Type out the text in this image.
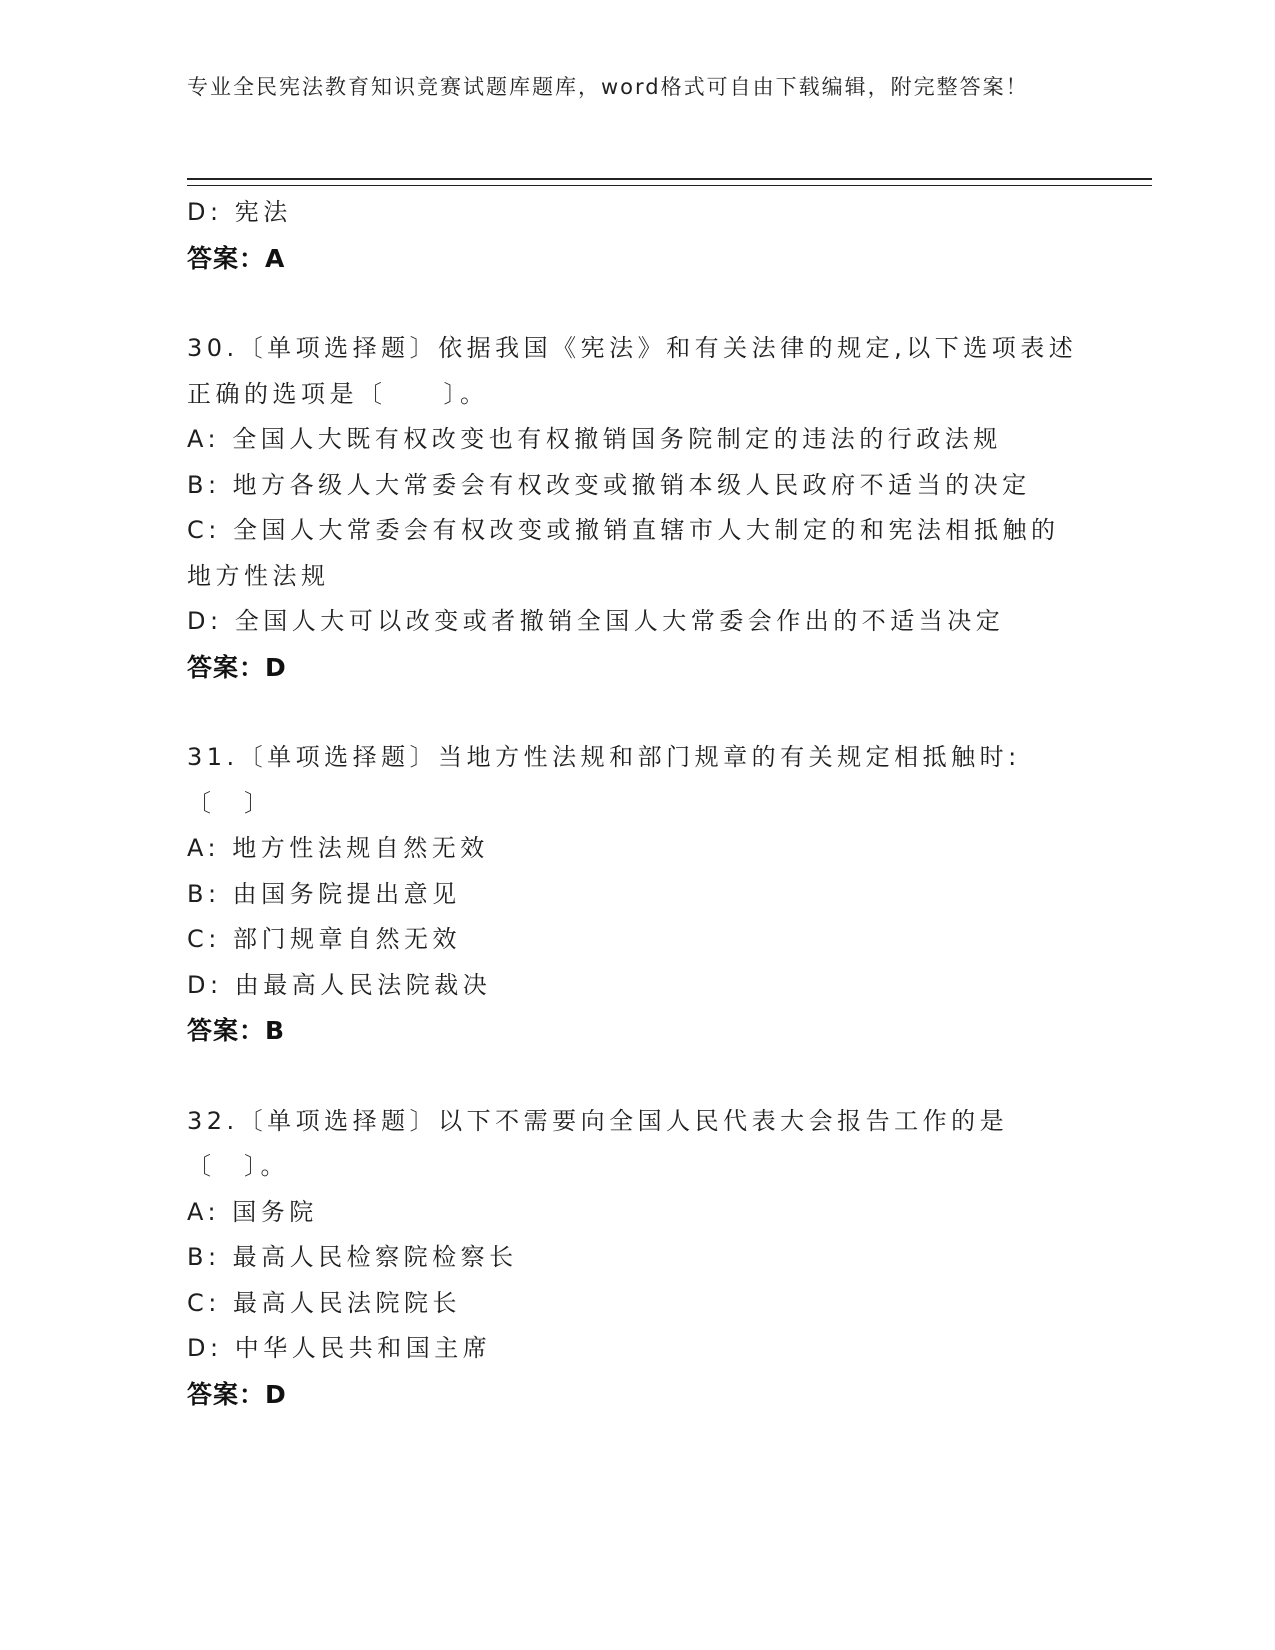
专业全民宪法教育知识竞赛试题库题库，word格式可自由下载编辑，附完整答案！
D: 宪法
答案：A
30.〔单项选择题〕依据我国《宪法》和有关法律的规定,以下选项表述正确的选项是〔　　〕。
A: 全国人大既有权改变也有权撤销国务院制定的违法的行政法规
B: 地方各级人大常委会有权改变或撤销本级人民政府不适当的决定
C: 全国人大常委会有权改变或撤销直辖市人大制定的和宪法相抵触的地方性法规
D: 全国人大可以改变或者撤销全国人大常委会作出的不适当决定
答案：D
31.〔单项选择题〕当地方性法规和部门规章的有关规定相抵触时:〔　〕
A: 地方性法规自然无效
B: 由国务院提出意见
C: 部门规章自然无效
D: 由最高人民法院裁决
答案：B
32.〔单项选择题〕以下不需要向全国人民代表大会报告工作的是〔　〕。
A: 国务院
B: 最高人民检察院检察长
C: 最高人民法院院长
D: 中华人民共和国主席
答案：D
